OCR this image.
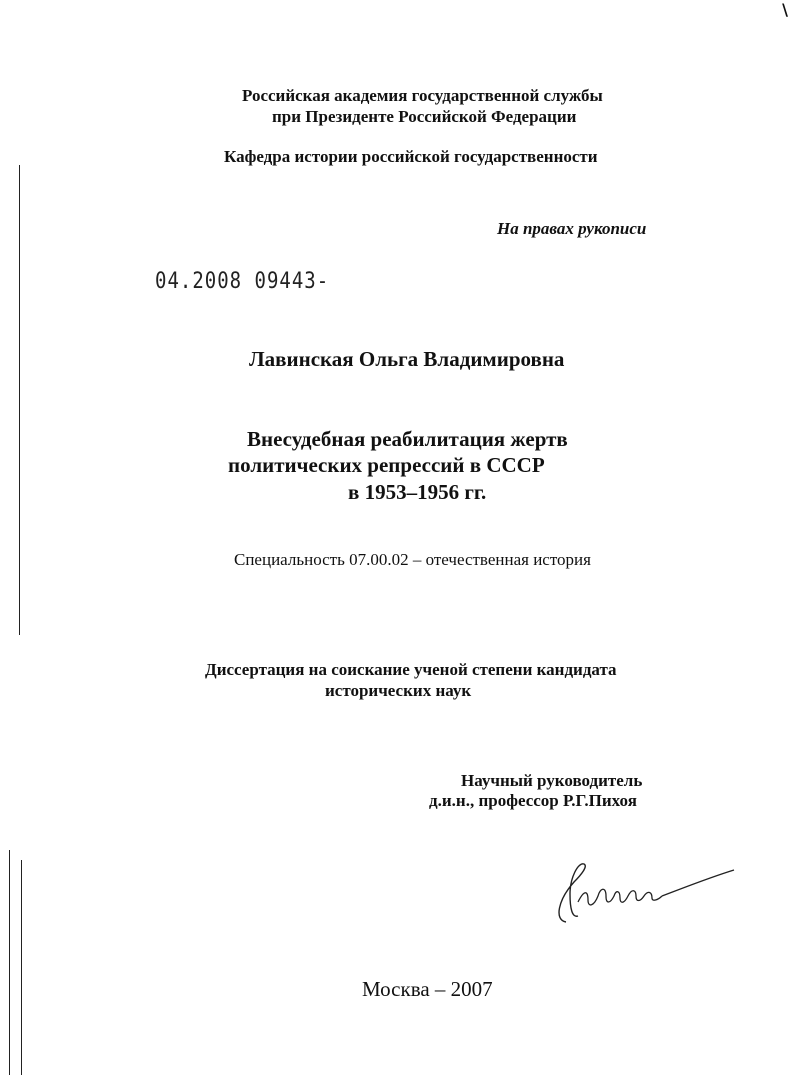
\
Российская академия государственной службы
при Президенте Российской Федерации
Кафедра истории российской государственности
На правах рукописи
04.2008 09443-
Лавинская Ольга Владимировна
Внесудебная реабилитация жертв
политических репрессий в СССР
в 1953–1956 гг.
Специальность 07.00.02 – отечественная история
Диссертация на соискание ученой степени кандидата
исторических наук
Научный руководитель
д.и.н., профессор Р.Г.Пихоя
Москва – 2007
